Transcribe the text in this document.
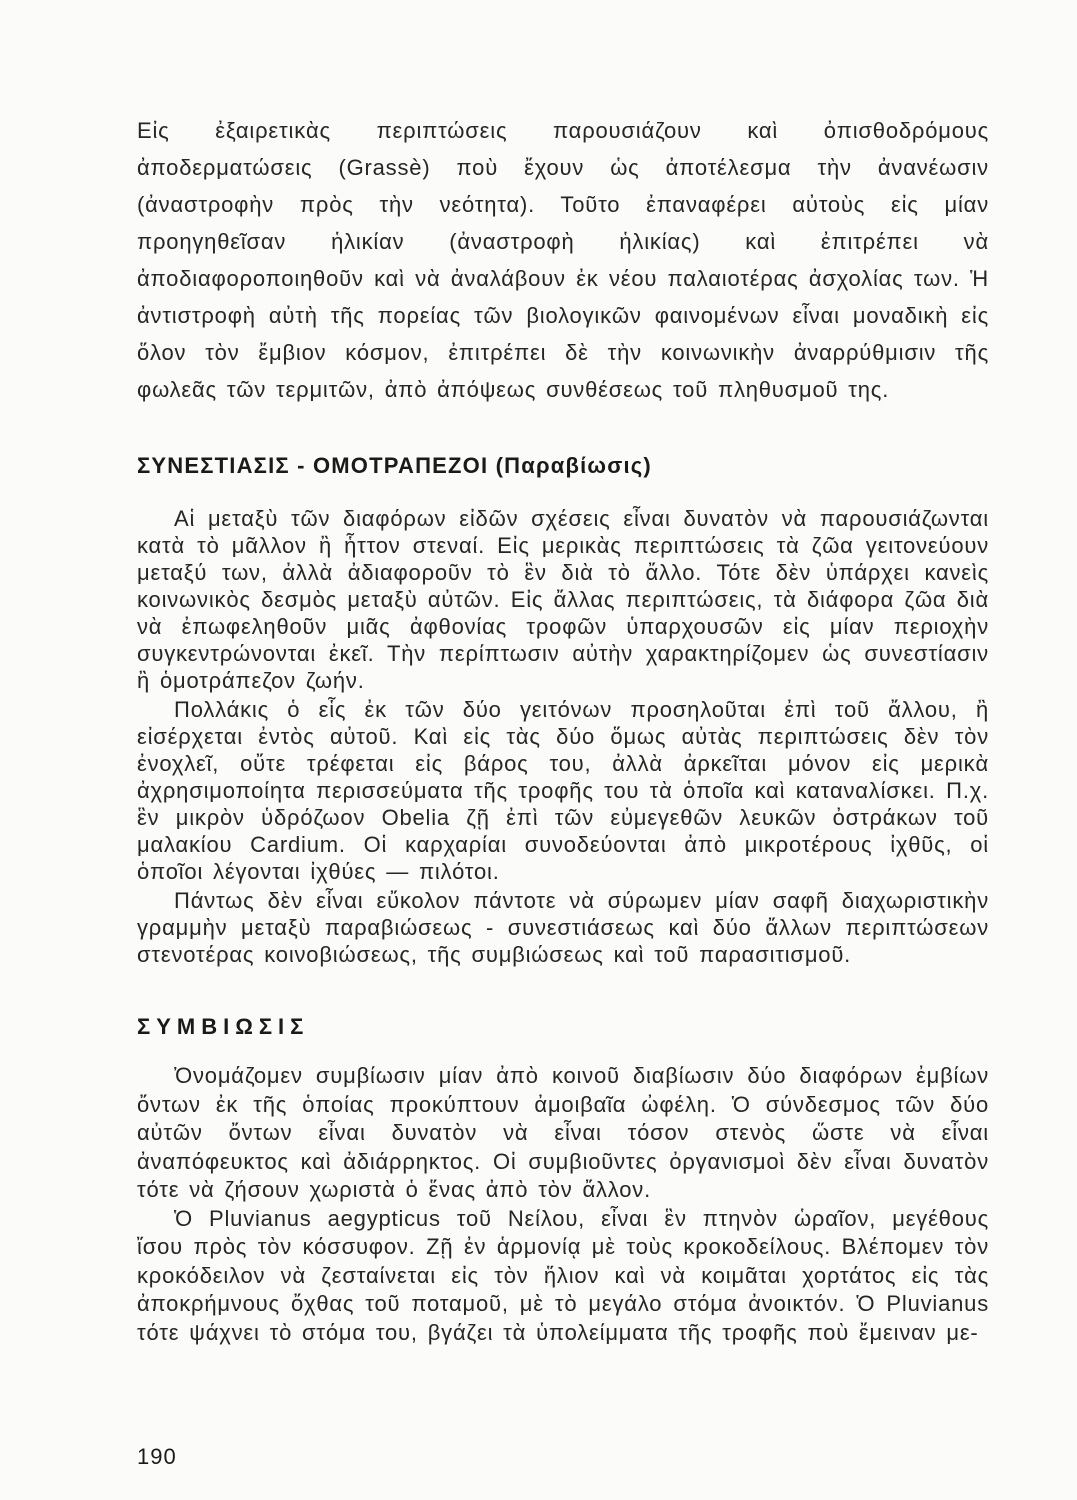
Εἰς ἐξαιρετικὰς περιπτώσεις παρουσιάζουν καὶ ὀπισθοδρόμους ἀποδερματώσεις (Grassè) ποὺ ἔχουν ὡς ἀποτέλεσμα τὴν ἀνανέωσιν (ἀναστροφὴν πρὸς τὴν νεότητα). Τοῦτο ἐπαναφέρει αὐτοὺς εἰς μίαν προηγηθεῖσαν ἡλικίαν (ἀναστροφὴ ἡλικίας) καὶ ἐπιτρέπει νὰ ἀποδιαφοροποιηθοῦν καὶ νὰ ἀναλάβουν ἐκ νέου παλαιοτέρας ἀσχολίας των. Ἡ ἀντιστροφὴ αὐτὴ τῆς πορείας τῶν βιολογικῶν φαινομένων εἶναι μοναδικὴ εἰς ὅλον τὸν ἔμβιον κόσμον, ἐπιτρέπει δὲ τὴν κοινωνικὴν ἀναρρύθμισιν τῆς φωλεᾶς τῶν τερμιτῶν, ἀπὸ ἀπόψεως συνθέσεως τοῦ πληθυσμοῦ της.

ΣΥΝΕΣΤΙΑΣΙΣ - ΟΜΟΤΡΑΠΕΖΟΙ (Παραβίωσις)

Αἱ μεταξὺ τῶν διαφόρων εἰδῶν σχέσεις εἶναι δυνατὸν νὰ παρουσιάζωνται κατὰ τὸ μᾶλλον ἢ ἧττον στεναί. Εἰς μερικὰς περιπτώσεις τὰ ζῶα γειτονεύουν μεταξύ των, ἀλλὰ ἀδιαφοροῦν τὸ ἓν διὰ τὸ ἄλλο. Τότε δὲν ὑπάρχει κανεὶς κοινωνικὸς δεσμὸς μεταξὺ αὐτῶν. Εἰς ἄλλας περιπτώσεις, τὰ διάφορα ζῶα διὰ νὰ ἐπωφεληθοῦν μιᾶς ἀφθονίας τροφῶν ὑπαρχουσῶν εἰς μίαν περιοχὴν συγκεντρώνονται ἐκεῖ. Τὴν περίπτωσιν αὐτὴν χαρακτηρίζομεν ὡς συνεστίασιν ἢ ὁμοτράπεζον ζωήν.

Πολλάκις ὁ εἷς ἐκ τῶν δύο γειτόνων προσηλοῦται ἐπὶ τοῦ ἄλλου, ἢ εἰσέρχεται ἐντὸς αὐτοῦ. Καὶ εἰς τὰς δύο ὅμως αὐτὰς περιπτώσεις δὲν τὸν ἐνοχλεῖ, οὔτε τρέφεται εἰς βάρος του, ἀλλὰ ἀρκεῖται μόνον εἰς μερικὰ ἀχρησιμοποίητα περισσεύματα τῆς τροφῆς του τὰ ὁποῖα καὶ καταναλίσκει. Π.χ. ἓν μικρὸν ὑδρόζωον Obelia ζῇ ἐπὶ τῶν εὐμεγεθῶν λευκῶν ὀστράκων τοῦ μαλακίου Cardium. Οἱ καρχαρίαι συνοδεύονται ἀπὸ μικροτέρους ἰχθῦς, οἱ ὁποῖοι λέγονται ἰχθύες — πιλότοι.

Πάντως δὲν εἶναι εὔκολον πάντοτε νὰ σύρωμεν μίαν σαφῆ διαχωριστικὴν γραμμὴν μεταξὺ παραβιώσεως - συνεστιάσεως καὶ δύο ἄλλων περιπτώσεων στενοτέρας κοινοβιώσεως, τῆς συμβιώσεως καὶ τοῦ παρασιτισμοῦ.

ΣΥΜΒΙΩΣΙΣ

Ὀνομάζομεν συμβίωσιν μίαν ἀπὸ κοινοῦ διαβίωσιν δύο διαφόρων ἐμβίων ὄντων ἐκ τῆς ὁποίας προκύπτουν ἀμοιβαῖα ὠφέλη. Ὁ σύνδεσμος τῶν δύο αὐτῶν ὄντων εἶναι δυνατὸν νὰ εἶναι τόσον στενὸς ὥστε νὰ εἶναι ἀναπόφευκτος καὶ ἀδιάρρηκτος. Οἱ συμβιοῦντες ὀργανισμοὶ δὲν εἶναι δυνατὸν τότε νὰ ζήσουν χωριστὰ ὁ ἕνας ἀπὸ τὸν ἄλλον.

Ὁ Pluvianus aegypticus τοῦ Νείλου, εἶναι ἓν πτηνὸν ὡραῖον, μεγέθους ἴσου πρὸς τὸν κόσσυφον. Ζῇ ἐν ἁρμονίᾳ μὲ τοὺς κροκοδείλους. Βλέπομεν τὸν κροκόδειλον νὰ ζεσταίνεται εἰς τὸν ἥλιον καὶ νὰ κοιμᾶται χορτάτος εἰς τὰς ἀποκρήμνους ὄχθας τοῦ ποταμοῦ, μὲ τὸ μεγάλο στόμα ἀνοικτόν. Ὁ Pluvianus τότε ψάχνει τὸ στόμα του, βγάζει τὰ ὑπολείμματα τῆς τροφῆς ποὺ ἔμειναν με-

190
